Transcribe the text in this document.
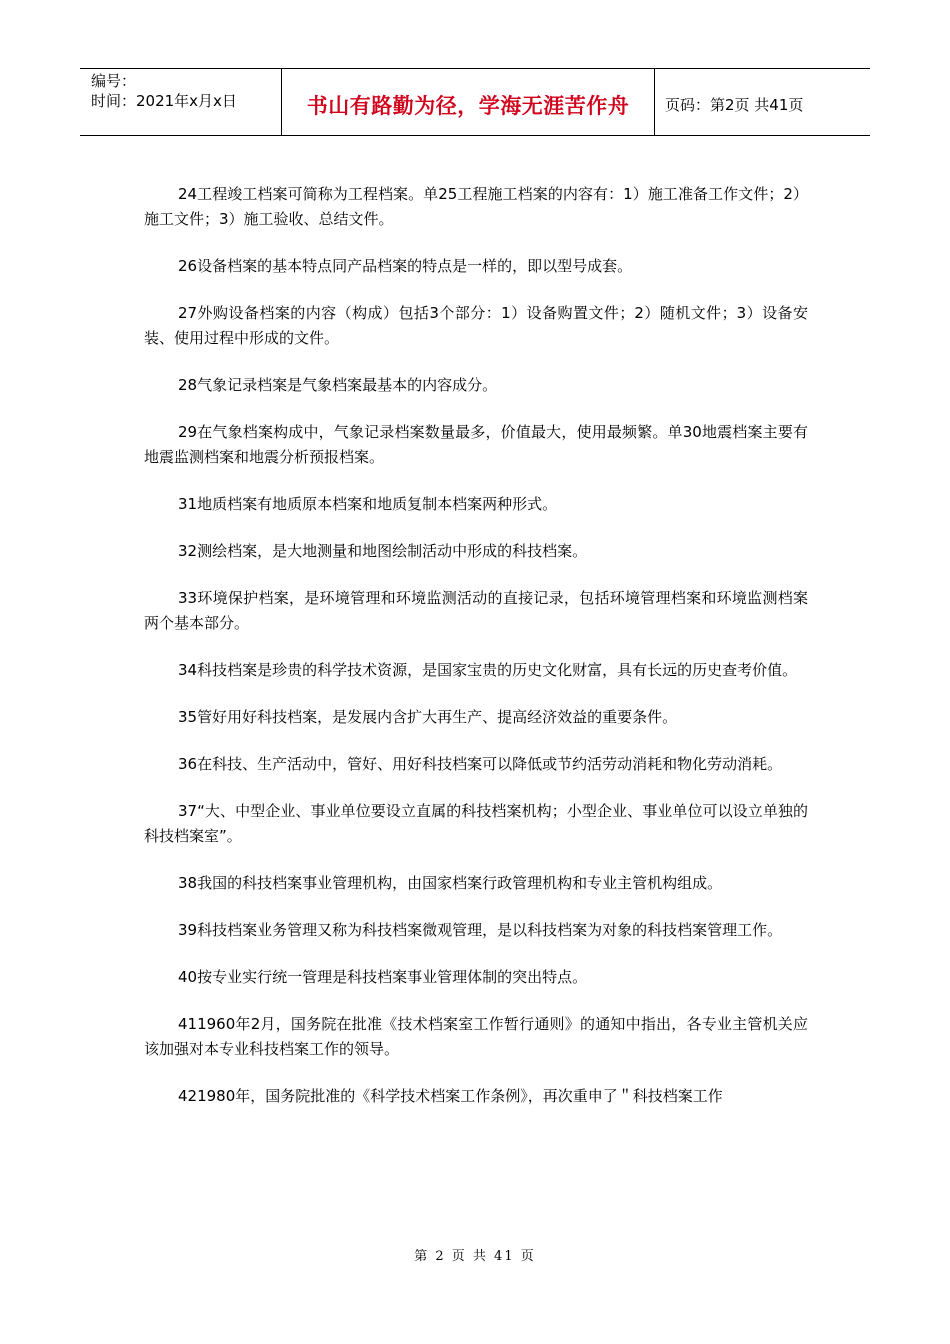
编号：
时间：2021年x月x日	书山有路勤为径，学海无涯苦作舟 页码：第2页 共41页

24工程竣工档案可简称为工程档案。单25工程施工档案的内容有：1）施工准备工作文件；2）施工文件；3）施工验收、总结文件。

26设备档案的基本特点同产品档案的特点是一样的，即以型号成套。

27外购设备档案的内容（构成）包括3个部分：1）设备购置文件；2）随机文件；3）设备安装、使用过程中形成的文件。

28气象记录档案是气象档案最基本的内容成分。

29在气象档案构成中，气象记录档案数量最多，价值最大，使用最频繁。单30地震档案主要有地震监测档案和地震分析预报档案。

31地质档案有地质原本档案和地质复制本档案两种形式。

32测绘档案，是大地测量和地图绘制活动中形成的科技档案。

33环境保护档案，是环境管理和环境监测活动的直接记录，包括环境管理档案和环境监测档案两个基本部分。

34科技档案是珍贵的科学技术资源，是国家宝贵的历史文化财富，具有长远的历史查考价值。

35管好用好科技档案，是发展内含扩大再生产、提高经济效益的重要条件。

36在科技、生产活动中，管好、用好科技档案可以降低或节约活劳动消耗和物化劳动消耗。

37“大、中型企业、事业单位要设立直属的科技档案机构；小型企业、事业单位可以设立单独的科技档案室”。

38我国的科技档案事业管理机构，由国家档案行政管理机构和专业主管机构组成。

39科技档案业务管理又称为科技档案微观管理，是以科技档案为对象的科技档案管理工作。

40按专业实行统一管理是科技档案事业管理体制的突出特点。

411960年2月，国务院在批准《技术档案室工作暂行通则》的通知中指出，各专业主管机关应该加强对本专业科技档案工作的领导。

421980年，国务院批准的《科学技术档案工作条例》，再次重申了＂科技档案工作

第 2 页 共 41 页
